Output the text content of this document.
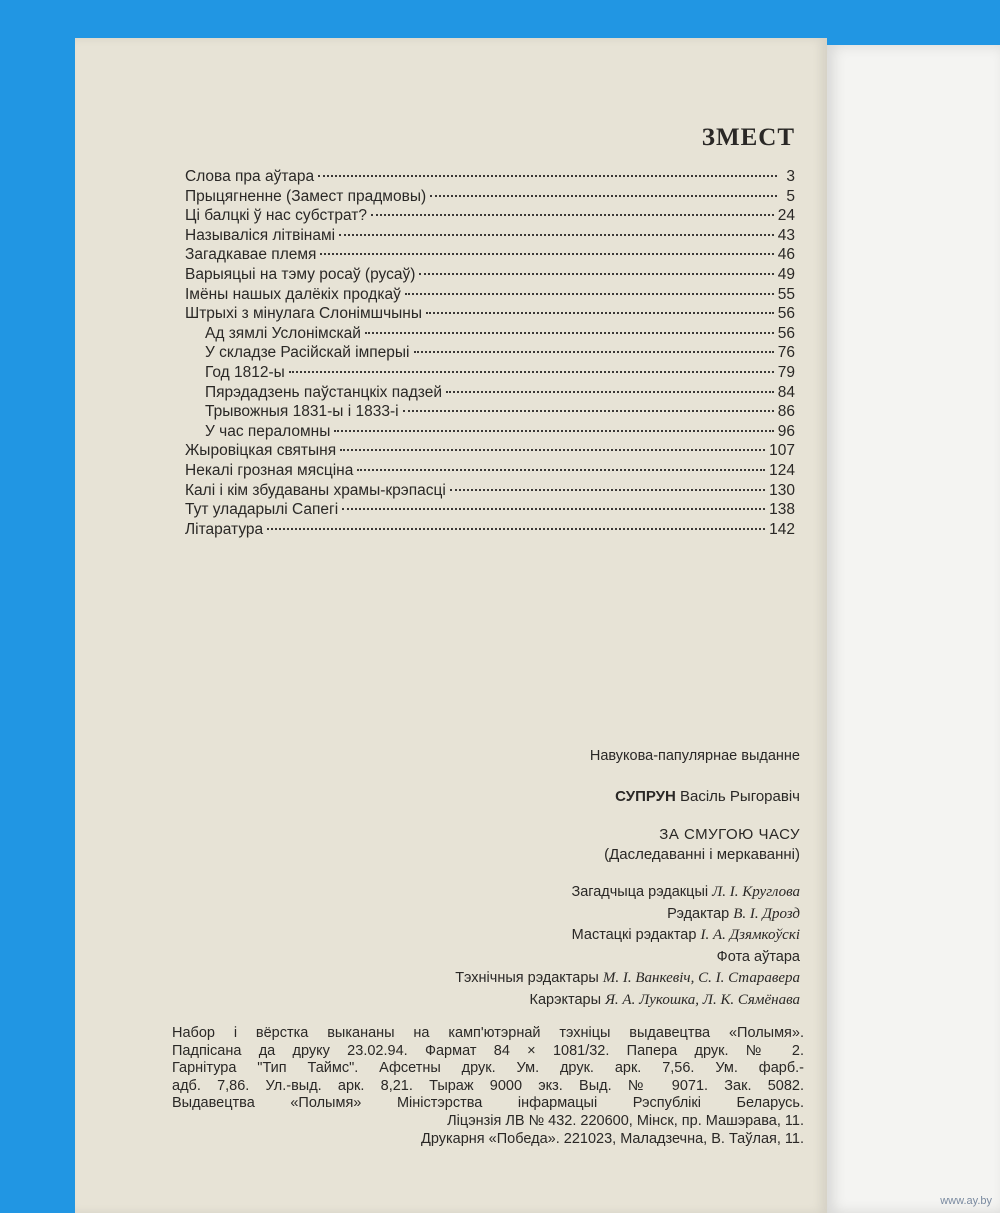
ЗМЕСТ
Слова пра аўтара	3
Прыцягненне (Замест прадмовы)	5
Ці балцкі ў нас субстрат?	24
Называліся літвінамі	43
Загадкавае племя	46
Варыяцыі на тэму росаў (русаў)	49
Імёны нашых далёкіх продкаў	55
Штрыхі з мінулага Слонімшчыны	56
Ад зямлі Услонімскай	56
У складзе Расійскай імперыі	76
Год 1812-ы	79
Пярэдадзень паўстанцкіх падзей	84
Трывожныя 1831-ы і 1833-і	86
У час пераломны	96
Жыровіцкая святыня	107
Некалі грозная мясціна	124
Калі і кім збудаваны храмы-крэпасці	130
Тут уладарылі Сапегі	138
Літаратура	142
Навукова-папулярнае выданне
СУПРУН Васіль Рыгоравіч
ЗА СМУГОЮ ЧАСУ
(Даследаванні і меркаванні)
Загадчыца рэдакцыі Л. І. Круглова
Рэдактар В. І. Дрозд
Мастацкі рэдактар І. А. Дзямкоўскі
Фота аўтара
Тэхнічныя рэдактары М. І. Ванкевіч, С. І. Старавера
Карэктары Я. А. Лукошка, Л. К. Сямёнава
Набор і вёрстка выкананы на камп'ютэрнай тэхніцы выдавецтва «Полымя».
Падпісана да друку 23.02.94. Фармат 84 × 1081/32. Папера друк. № 2.
Гарнітура "Тип Таймс". Афсетны друк. Ум. друк. арк. 7,56. Ум. фарб.-
адб. 7,86. Ул.-выд. арк. 8,21. Тыраж 9000 экз. Выд. № 9071. Зак. 5082.
Выдавецтва «Полымя» Міністэрства інфармацыі Рэспублікі Беларусь.
Ліцэнзія ЛВ № 432. 220600, Мінск, пр. Машэрава, 11.
Друкарня «Победа». 221023, Маладзечна, В. Таўлая, 11.
www.ay.by
